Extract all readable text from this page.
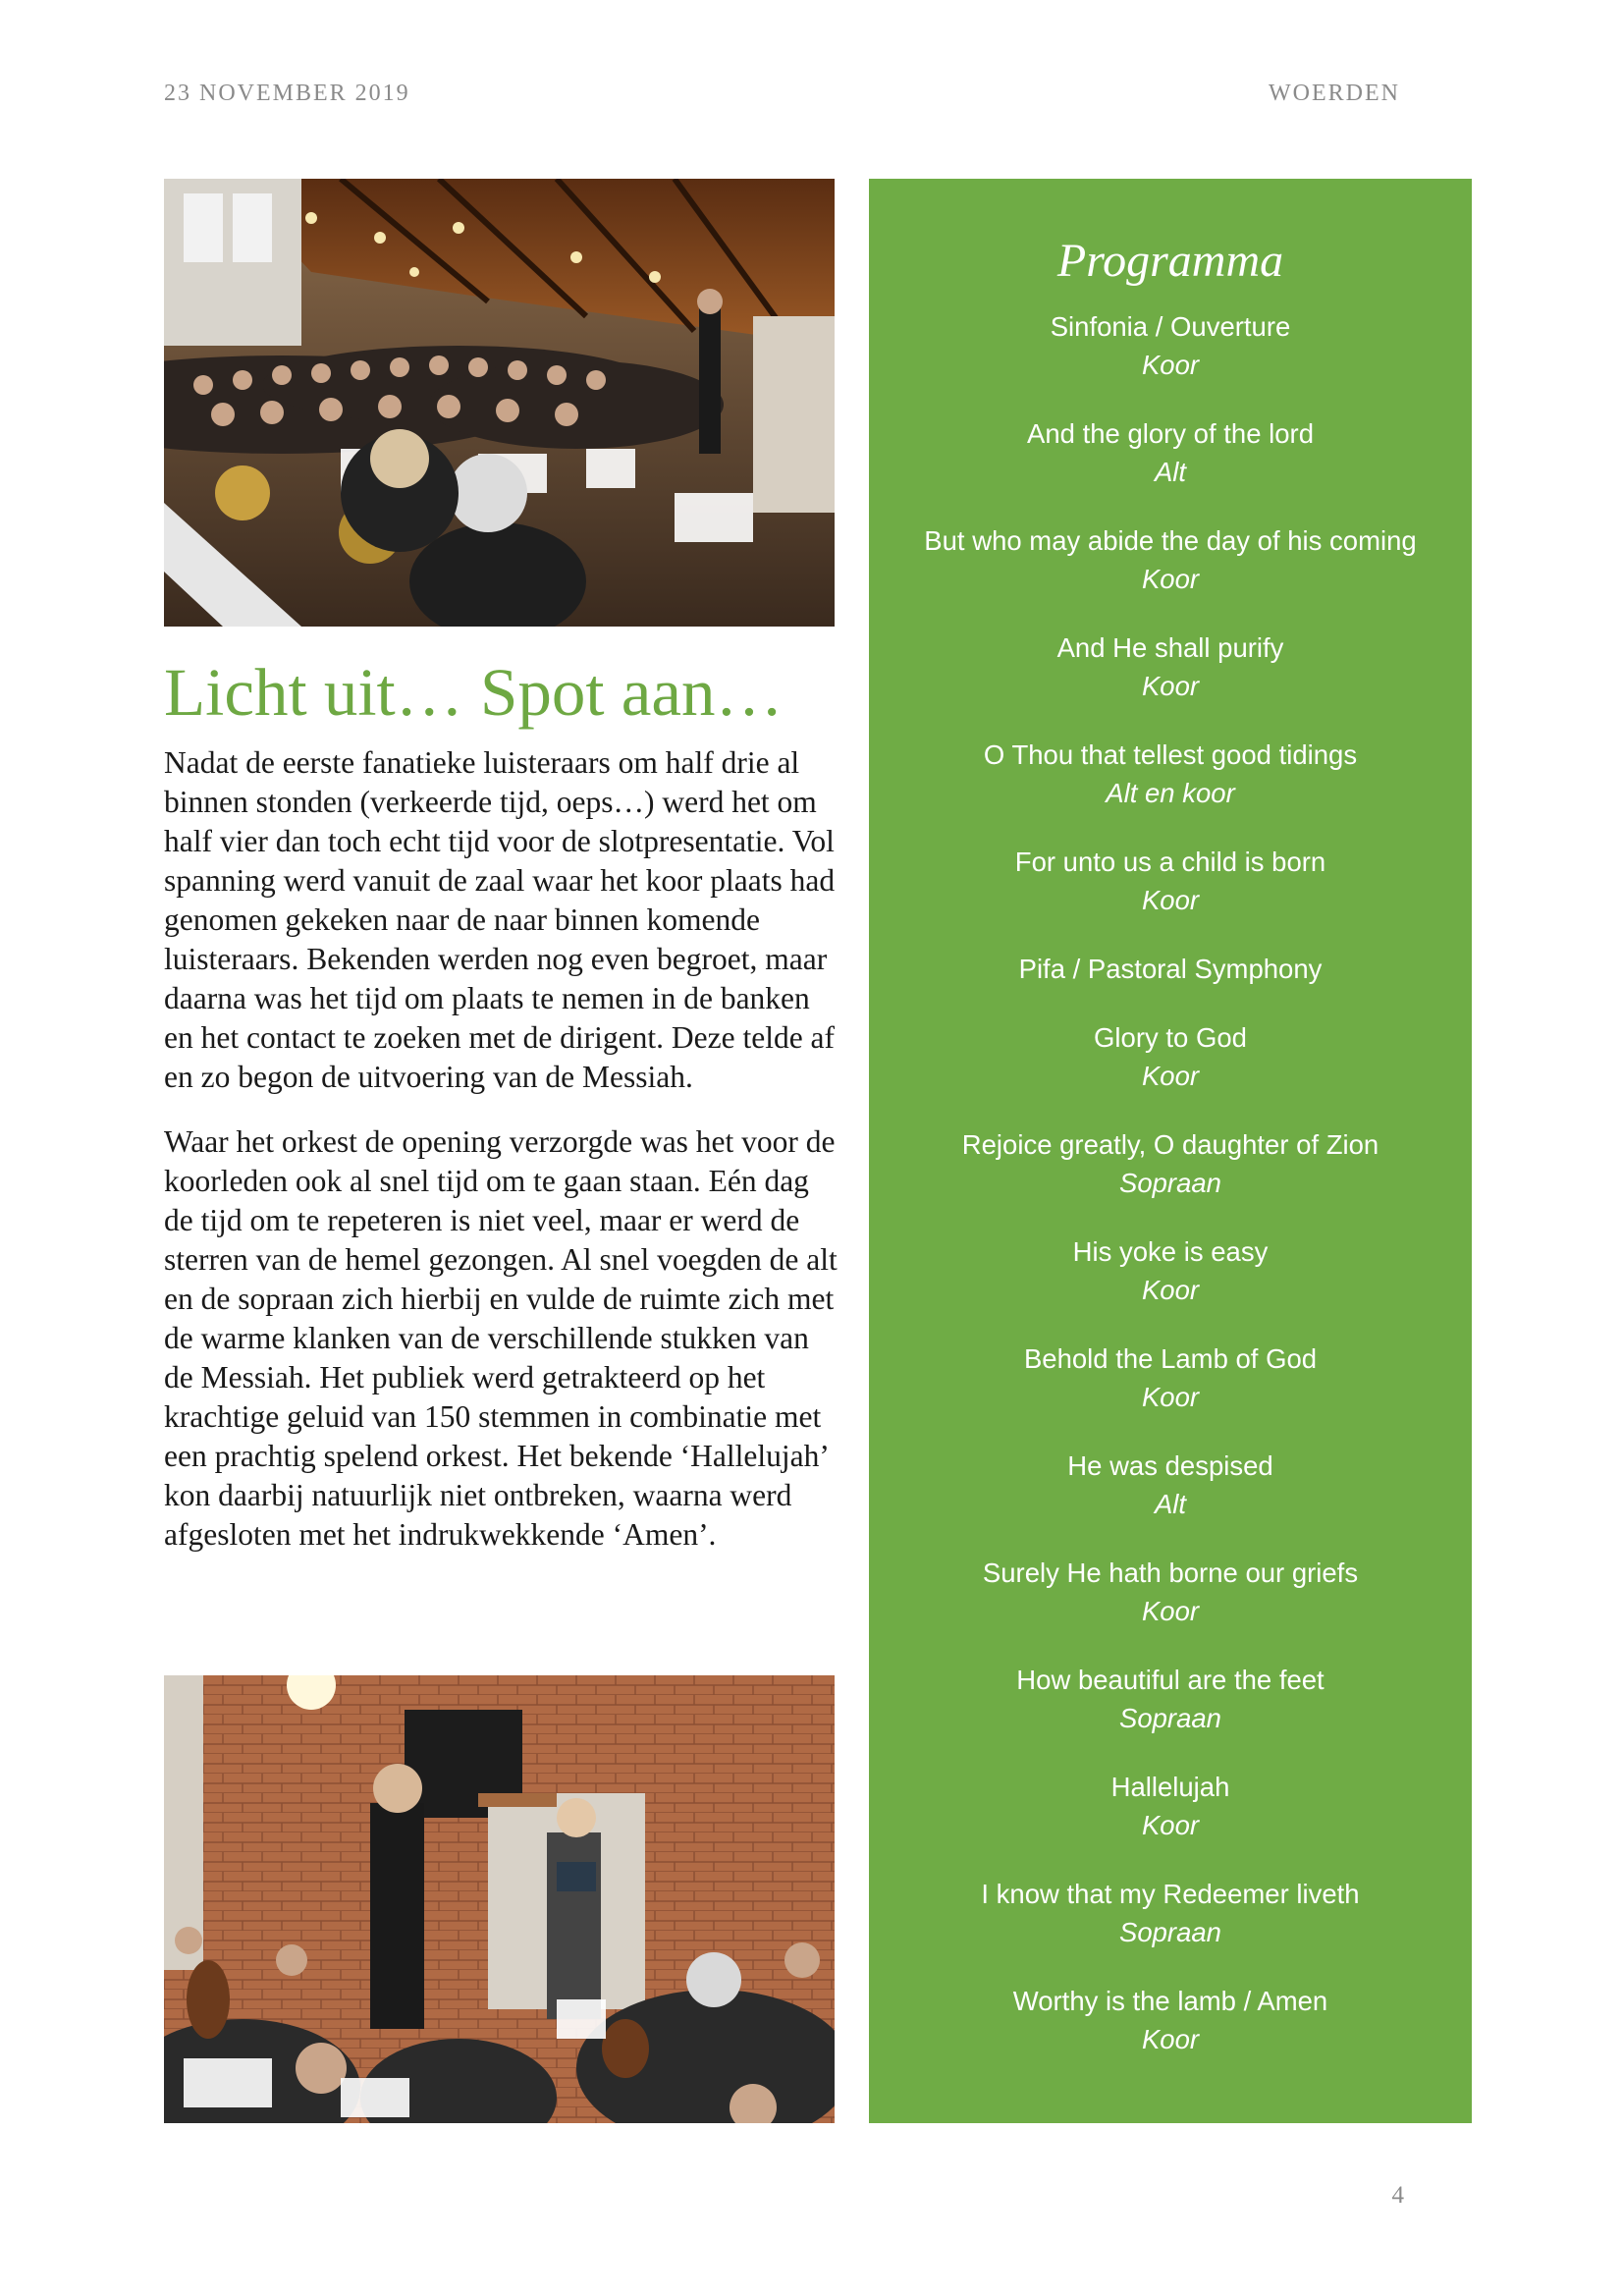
23 NOVEMBER 2019	WOERDEN
Licht uit… Spot aan…

Nadat de eerste fanatieke luisteraars om half drie al binnen stonden (verkeerde tijd, oeps…) werd het om half vier dan toch echt tijd voor de slotpresentatie. Vol spanning werd vanuit de zaal waar het koor plaats had genomen gekeken naar de naar binnen komende luisteraars. Bekenden werden nog even begroet, maar daarna was het tijd om plaats te nemen in de banken en het contact te zoeken met de dirigent. Deze telde af en zo begon de uitvoering van de Messiah.

Waar het orkest de opening verzorgde was het voor de koorleden ook al snel tijd om te gaan staan. Eén dag de tijd om te repeteren is niet veel, maar er werd de sterren van de hemel gezongen. Al snel voegden de alt en de sopraan zich hierbij en vulde de ruimte zich met de warme klanken van de verschillende stukken van de Messiah. Het publiek werd getrakteerd op het krachtige geluid van 150 stemmen in combinatie met een prachtig spelend orkest. Het bekende ‘Hallelujah’ kon daarbij natuurlijk niet ontbreken, waarna werd afgesloten met het indrukwekkende ‘Amen’.

Programma
Sinfonia / Ouverture
Koor
And the glory of the lord
Alt
But who may abide the day of his coming
Koor
And He shall purify
Koor
O Thou that tellest good tidings
Alt en koor
For unto us a child is born
Koor
Pifa / Pastoral Symphony
Glory to God
Koor
Rejoice greatly, O daughter of Zion
Sopraan
His yoke is easy
Koor
Behold the Lamb of God
Koor
He was despised
Alt
Surely He hath borne our griefs
Koor
How beautiful are the feet
Sopraan
Hallelujah
Koor
I know that my Redeemer liveth
Sopraan
Worthy is the lamb / Amen
Koor
4
